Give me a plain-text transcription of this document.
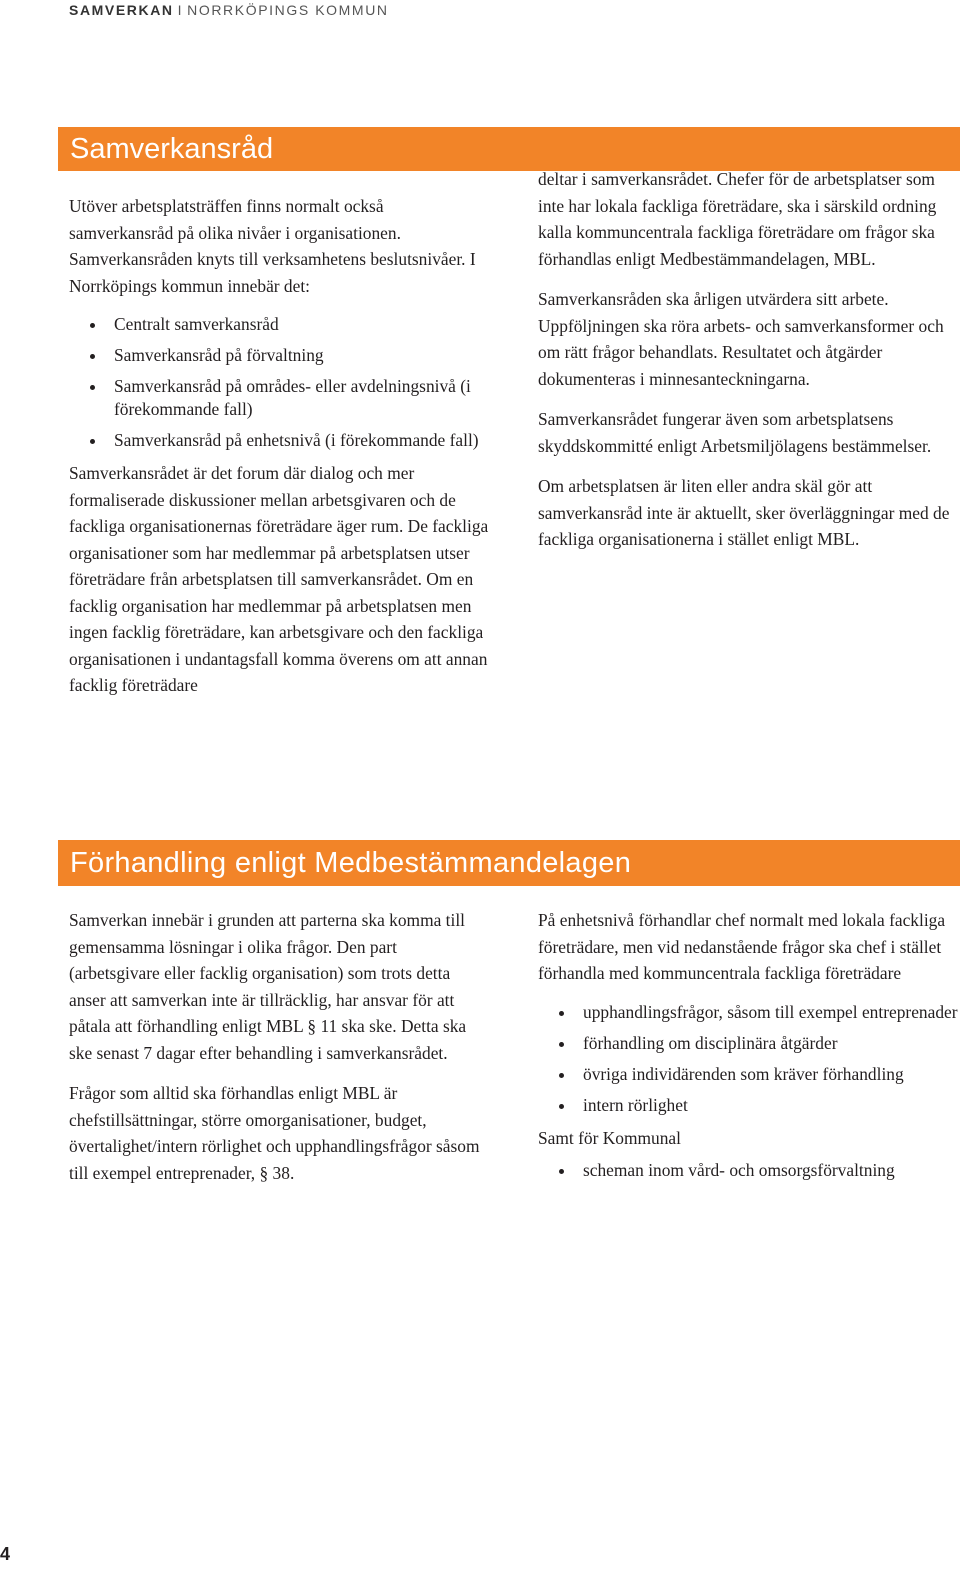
SAMVERKAN I NORRKÖPINGS KOMMUN
Samverkansråd

Utöver arbetsplatsträffen finns normalt också samverkansråd på olika nivåer i organisationen. Samverkansråden knyts till verksamhetens beslutsnivåer. I Norrköpings kommun innebär det:

Centralt samverkansråd
Samverkansråd på förvaltning
Samverkansråd på områdes- eller avdelningsnivå (i förekommande fall)
Samverkansråd på enhetsnivå (i förekommande fall)

Samverkansrådet är det forum där dialog och mer formaliserade diskussioner mellan arbetsgivaren och de fackliga organisationernas företrädare äger rum. De fackliga organisationer som har medlemmar på arbetsplatsen utser företrädare från arbetsplatsen till samverkansrådet. Om en facklig organisation har medlemmar på arbetsplatsen men ingen facklig företrädare, kan arbetsgivare och den fackliga organisationen i undantagsfall komma överens om att annan facklig företrädare

deltar i samverkansrådet. Chefer för de arbetsplatser som inte har lokala fackliga företrädare, ska i särskild ordning kalla kommuncentrala fackliga företrädare om frågor ska förhandlas enligt Medbestämmandelagen, MBL.

Samverkansråden ska årligen utvärdera sitt arbete. Uppföljningen ska röra arbets- och samverkansformer och om rätt frågor behandlats. Resultatet och åtgärder dokumenteras i minnesanteckningarna.

Samverkansrådet fungerar även som arbetsplatsens skyddskommitté enligt Arbetsmiljölagens bestämmelser.

Om arbetsplatsen är liten eller andra skäl gör att samverkansråd inte är aktuellt, sker överläggningar med de fackliga organisationerna i stället enligt MBL.

Förhandling enligt Medbestämmandelagen

Samverkan innebär i grunden att parterna ska komma till gemensamma lösningar i olika frågor. Den part (arbetsgivare eller facklig organisation) som trots detta anser att samverkan inte är tillräcklig, har ansvar för att påtala att förhandling enligt MBL § 11 ska ske. Detta ska ske senast 7 dagar efter behandling i samverkansrådet.

Frågor som alltid ska förhandlas enligt MBL är chefstillsättningar, större omorganisationer, budget, övertalighet/intern rörlighet och upphandlingsfrågor såsom till exempel entreprenader, § 38.

På enhetsnivå förhandlar chef normalt med lokala fackliga företrädare, men vid nedanstående frågor ska chef i stället förhandla med kommuncentrala fackliga företrädare

upphandlingsfrågor, såsom till exempel entreprenader
förhandling om disciplinära åtgärder
övriga individärenden som kräver förhandling
intern rörlighet

Samt för Kommunal

scheman inom vård- och omsorgsförvaltning
4
